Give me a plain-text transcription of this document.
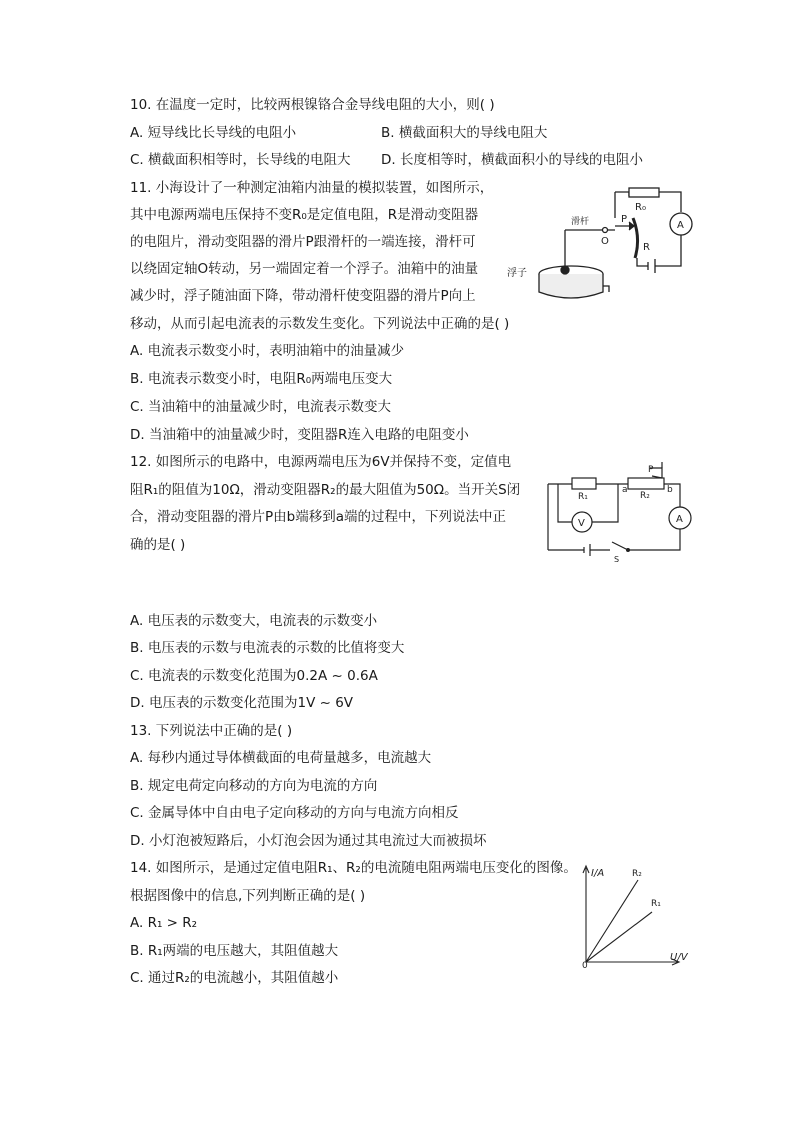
10. 在温度一定时，比较两根镍铬合金导线电阻的大小，则( )
A. 短导线比长导线的电阻小	B. 横截面积大的导线电阻大
C. 横截面积相等时，长导线的电阻大 D. 长度相等时，横截面积小的导线的电阻小
11. 小海设计了一种测定油箱内油量的模拟装置，如图所示，
其中电源两端电压保持不变R₀是定值电阻，R是滑动变阻器
的电阻片，滑动变阻器的滑片P跟滑杆的一端连接，滑杆可
以绕固定轴O转动，另一端固定着一个浮子。油箱中的油量
减少时，浮子随油面下降，带动滑杆使变阻器的滑片P向上
移动，从而引起电流表的示数发生变化。下列说法中正确的是( )
A. 电流表示数变小时，表明油箱中的油量减少
B. 电流表示数变小时，电阻R₀两端电压变大
C. 当油箱中的油量减少时，电流表示数变大
D. 当油箱中的油量减少时，变阻器R连入电路的电阻变小
R₀
A
滑杆	P
O
R
浮子
12. 如图所示的电路中，电源两端电压为6V并保持不变，定值电
阻R₁的阻值为10Ω，滑动变阻器R₂的最大阻值为50Ω。当开关S闭
合，滑动变阻器的滑片P由b端移到a端的过程中，下列说法中正
确的是( )
R₁	R₂
P
a	b
V	A
S
A. 电压表的示数变大，电流表的示数变小
B. 电压表的示数与电流表的示数的比值将变大
C. 电流表的示数变化范围为0.2A ~ 0.6A
D. 电压表的示数变化范围为1V ~ 6V
13. 下列说法中正确的是( )
A. 每秒内通过导体横截面的电荷量越多，电流越大
B. 规定电荷定向移动的方向为电流的方向
C. 金属导体中自由电子定向移动的方向与电流方向相反
D. 小灯泡被短路后，小灯泡会因为通过其电流过大而被损坏
14. 如图所示，是通过定值电阻R₁、R₂的电流随电阻两端电压变化的图像。
根据图像中的信息,下列判断正确的是( )
A. R₁ > R₂
B. R₁两端的电压越大，其阻值越大
C. 通过R₂的电流越小，其阻值越小
I/A
U/V
0
R₂
R₁
